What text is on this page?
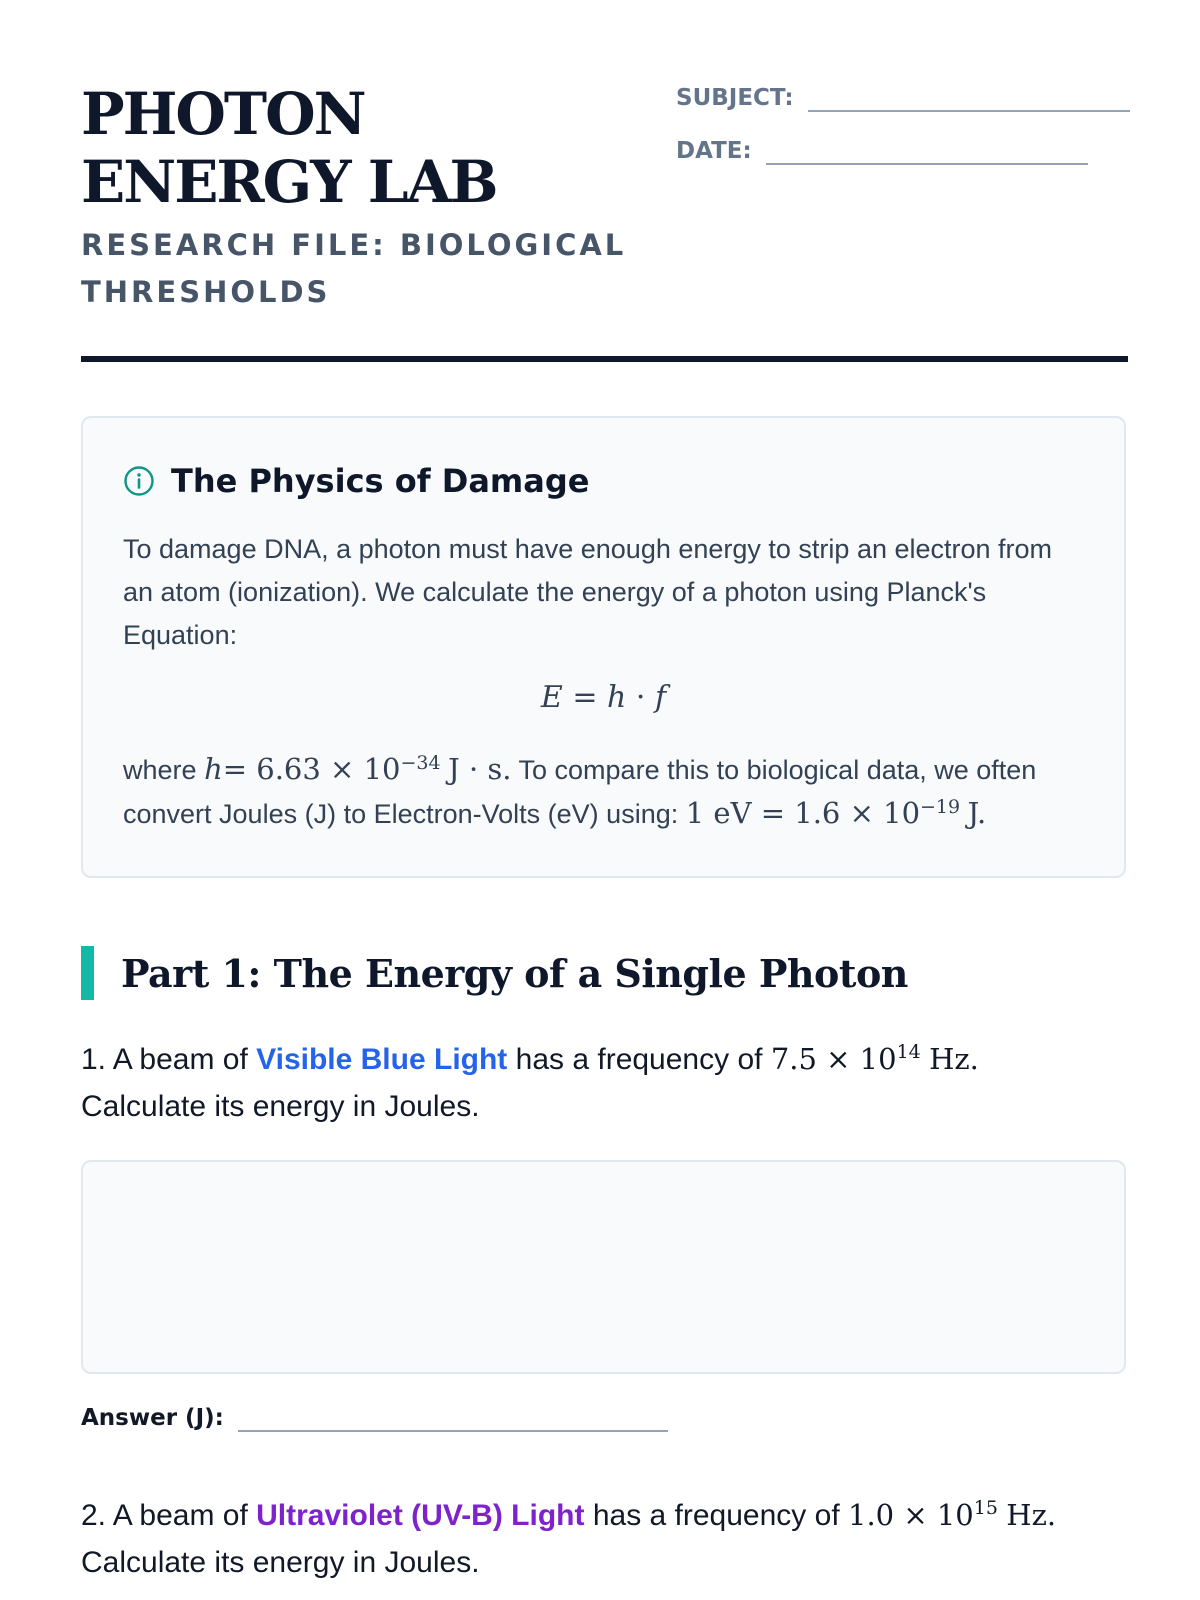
PHOTON ENERGY LAB
RESEARCH FILE: BIOLOGICAL THRESHOLDS
SUBJECT:
DATE:
The Physics of Damage

To damage DNA, a photon must have enough energy to strip an electron from an atom (ionization). We calculate the energy of a photon using Planck's Equation:

E = h · f

where $h= 6.63 \times 10^{-34}$ J · s. To compare this to biological data, we often convert Joules (J) to Electron-Volts (eV) using: 1 eV = $1.6 \times 10^{-19}$ J.

Part 1: The Energy of a Single Photon

1. A beam of Visible Blue Light has a frequency of $7.5 \times 10^{14}$ Hz.
Calculate its energy in Joules.

Answer (J):

2. A beam of Ultraviolet (UV-B) Light has a frequency of $1.0 \times 10^{15}$ Hz.
Calculate its energy in Joules.
